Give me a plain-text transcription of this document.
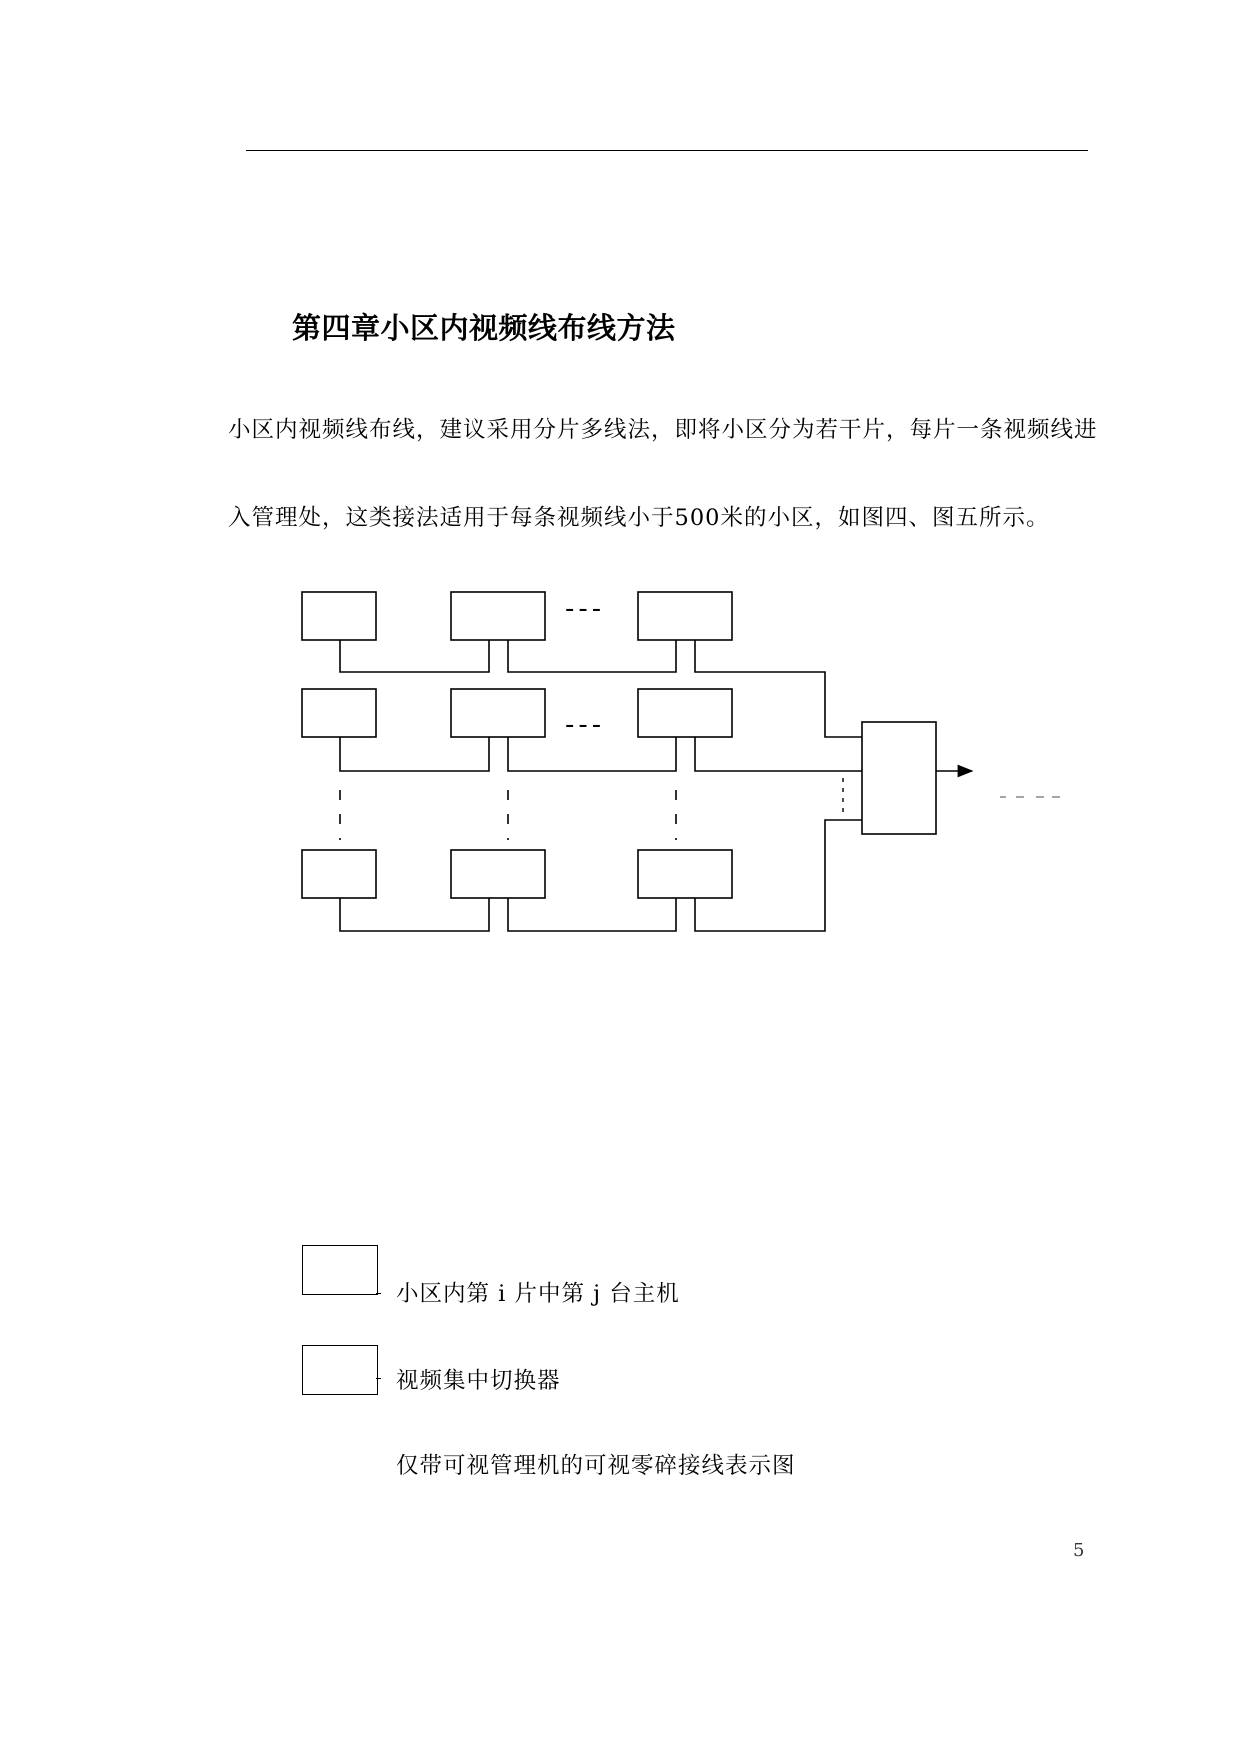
第四章小区内视频线布线方法
小区内视频线布线，建议采用分片多线法，即将小区分为若干片，每片一条视频线进
入管理处，这类接法适用于每条视频线小于500米的小区，如图四、图五所示。
---
---
小区内第 i 片中第 j 台主机
视频集中切换器
仅带可视管理机的可视零碎接线表示图
5
